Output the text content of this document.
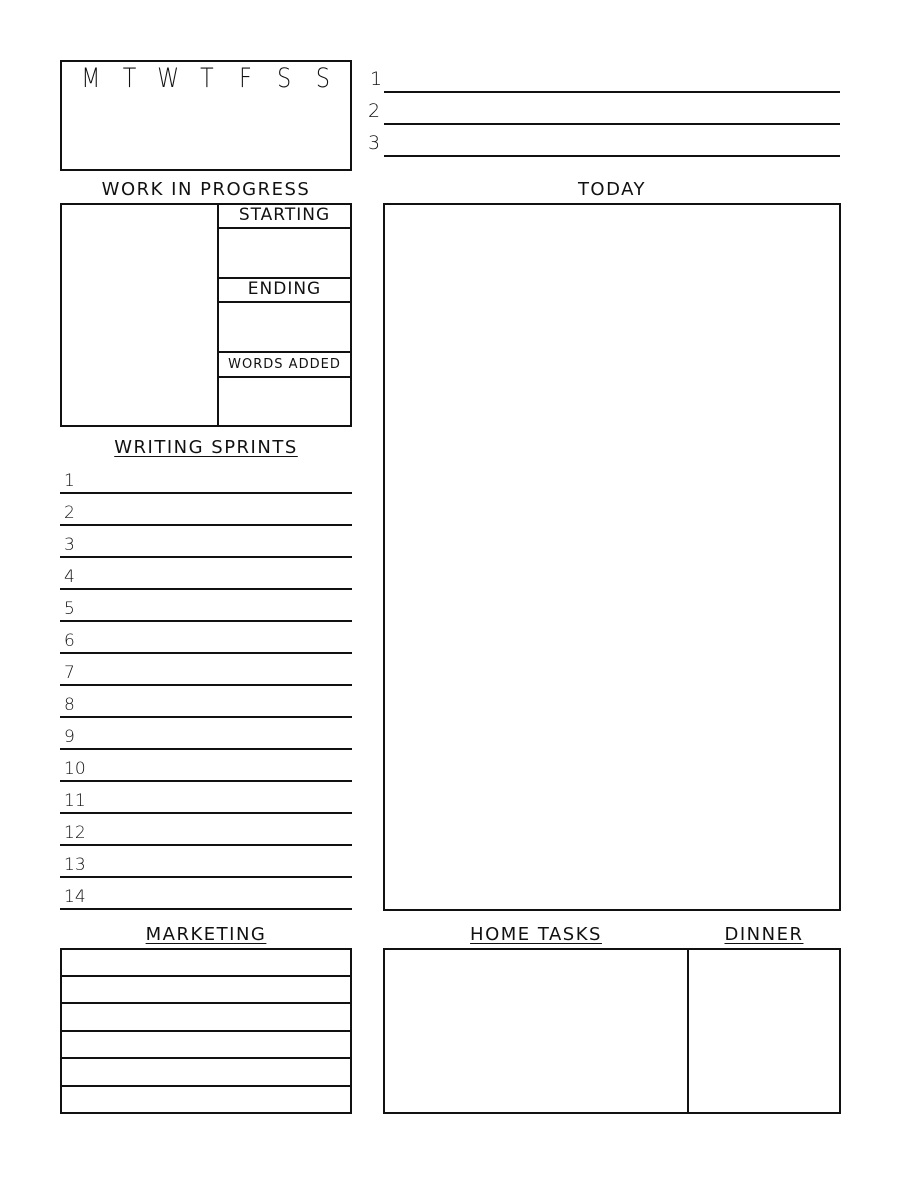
M T W T F S S	1
2
3
WORK IN PROGRESS
STARTING
ENDING
WORDS ADDED
TODAY
WRITING SPRINTS
1
2
3
4
5
6
7
8
9
10
11
12
13
14
MARKETING	HOME TASKS	DINNER
